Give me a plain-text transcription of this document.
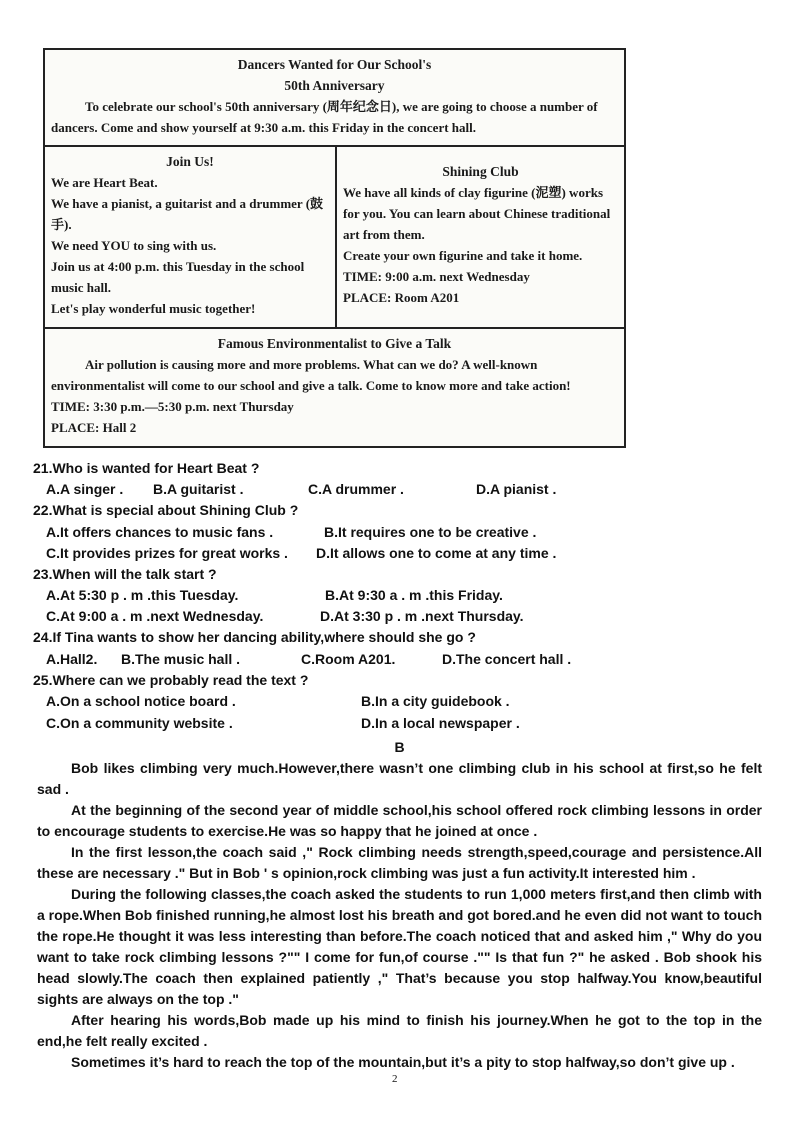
Dancers Wanted for Our School's
50th Anniversary
To celebrate our school's 50th anniversary (周年纪念日), we are going to choose a number of dancers. Come and show yourself at 9:30 a.m. this Friday in the concert hall.
Join Us!
We are Heart Beat.
We have a pianist, a guitarist and a drummer (鼓手).
We need YOU to sing with us.
Join us at 4:00 p.m. this Tuesday in the school music hall.
Let's play wonderful music together!
Shining Club
We have all kinds of clay figurine (泥塑) works for you. You can learn about Chinese traditional art from them.
Create your own figurine and take it home.
TIME: 9:00 a.m. next Wednesday
PLACE: Room A201
Famous Environmentalist to Give a Talk
Air pollution is causing more and more problems. What can we do? A well-known environmentalist will come to our school and give a talk. Come to know more and take action!
TIME: 3:30 p.m.—5:30 p.m. next Thursday
PLACE: Hall 2
21.Who is wanted for Heart Beat ?
A.A singer . B.A guitarist .	C.A drummer .	D.A pianist .
22.What is special about Shining Club ?
A.It offers chances to music fans .	B.It requires one to be creative .
C.It provides prizes for great works . D.It allows one to come at any time .
23.When will the talk start ?
A.At 5:30 p . m .this Tuesday.	B.At 9:30 a . m .this Friday.
C.At 9:00 a . m .next Wednesday.	D.At 3:30 p . m .next Thursday.
24.If Tina wants to show her dancing ability,where should she go ?
A.Hall2. B.The music hall .	C.Room A201.	D.The concert hall .
25.Where can we probably read the text ?
A.On a school notice board .	B.In a city guidebook .
C.On a community website .	D.In a local newspaper .
B

Bob likes climbing very much.However,there wasn’t one climbing club in his school at first,so he felt sad .

At the beginning of the second year of middle school,his school offered rock climbing lessons in order to encourage students to exercise.He was so happy that he joined at once .

In the first lesson,the coach said ," Rock climbing needs strength,speed,courage and persistence.All these are necessary ." But in Bob ' s opinion,rock climbing was just a fun activity.It interested him .

During the following classes,the coach asked the students to run 1,000 meters first,and then climb with a rope.When Bob finished running,he almost lost his breath and got bored.and he even did not want to touch the rope.He thought it was less interesting than before.The coach noticed that and asked him ," Why do you want to take rock climbing lessons ?"" I come for fun,of course ."" Is that fun ?" he asked . Bob shook his head slowly.The coach then explained patiently ," That’s because you stop halfway.You know,beautiful sights are always on the top ."

After hearing his words,Bob made up his mind to finish his journey.When he got to the top in the end,he felt really excited .

Sometimes it’s hard to reach the top of the mountain,but it’s a pity to stop halfway,so don’t give up .

2
